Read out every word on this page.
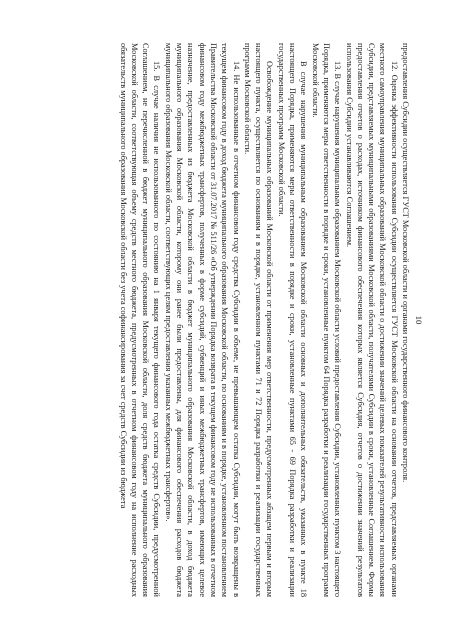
10

предоставления Субсидии осуществляется ГУСТ Московской области и органами государственного финансового контроля.

12. Оценка эффективности использования Субсидии осуществляется ГУСТ Московской области на основании отчетов, представляемых органами местного самоуправления муниципальных образований Московской области о достижении значений целевых показателей результативности использования Субсидии, представляемых муниципальными образованиями Московской области, получателями Субсидии в сроки, установленные Соглашением. Формы предоставления отчетов о расходах, источником финансового обеспечения которых является Субсидия, отчетов о достижении значений результатов использования Субсидии устанавливаются Соглашением.

13. В случае нарушения муниципальным образованием Московской области условий предоставления Субсидии, установленных пунктом 3 настоящего Порядка, применяются меры ответственности в порядке и сроки, установленные пунктом 64 Порядка разработки и реализации государственных программ Московской области.

В случае нарушения муниципальным образованием Московской области основных и дополнительных обязательств, указанных в пункте 18 настоящего Порядка, применяются меры ответственности в порядке и сроки, установленные пунктами 65 - 69 Порядка разработки и реализации государственных программ Московской области.

Освобождение муниципальных образований Московской области от применения мер ответственности, предусмотренных абзацем первым и вторым настоящего пункта, осуществляется по основаниям и в порядке, установленном пунктами 71 и 72 Порядка разработки и реализации государственных программ Московской области.

14. Не использованные в отчетном финансовом году средства Субсидии в объеме, не превышающем остатка Субсидии, могут быть возвращены в текущем финансовом году в доход бюджета муниципального образования Московской области, по основаниям и в порядке, установленном постановлением Правительства Московской области от 31.07.2017 № 511/26 «Об утверждении Порядка возврата в текущем финансовом году не использованных в отчетном финансовом году межбюджетных трансфертов, полученных в форме субсидий, субвенций и иных межбюджетных трансфертов, имеющих целевое назначение, предоставленных из бюджета Московской области в бюджет муниципального образования Московской области, в доход бюджета муниципального образования Московской области, которому они ранее были предоставлены, для финансового обеспечения расходов бюджета муниципального образования Московской области, соответствующих целям предоставления указанных межбюджетных трансфертов».

15. В случае наличия не использованного по состоянию на 1 января текущего финансового года остатка средств Субсидии, предусмотренной Соглашением, не перечисленной в бюджет муниципального образования Московской области, доля средств бюджета муниципального образования Московской области, соответствующая объему средств местного бюджета, предусмотренных в отчетном финансовом году на исполнение расходных обязательств муниципального образования Московской области без учета софинансирования за счет средств Субсидии из бюджета
